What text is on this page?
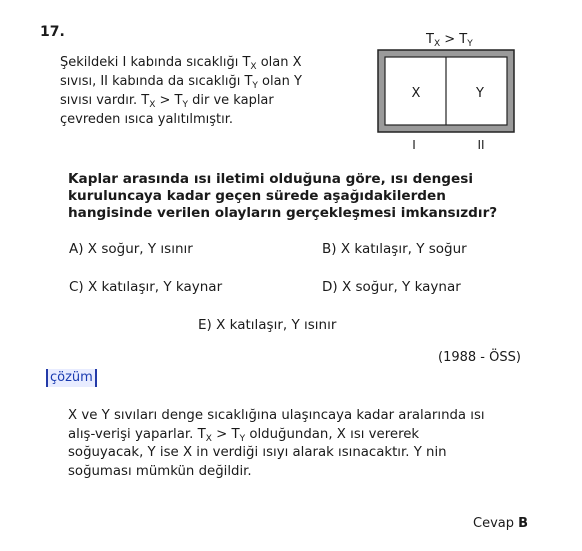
17.

Şekildeki I kabında sıcaklığı $T_X$ olan X

sıvısı, II kabında da sıcaklığı $T_Y$ olan Y

sıvısı vardır. $T_X > T_Y$ dir ve kaplar

çevreden ısıca yalıtılmıştır.

$T_X > T_Y$
X	Y
I	II

Kaplar arasında ısı iletimi olduğuna göre, ısı dengesi

kuruluncaya kadar geçen sürede aşağıdakilerden

hangisinde verilen olayların gerçekleşmesi imkansızdır?

A) X soğur, Y ısınır	B) X katılaşır, Y soğur
C) X katılaşır, Y kaynar	D) X soğur, Y kaynar
E) X katılaşır, Y ısınır
(1988 - ÖSS)
çözüm

X ve Y sıvıları denge sıcaklığına ulaşıncaya kadar aralarında ısı

alış-verişi yaparlar. $T_X > T_Y$ olduğundan, X ısı vererek

soğuyacak, Y ise X in verdiği ısıyı alarak ısınacaktır. Y nin

soğuması mümkün değildir.

Cevap B
